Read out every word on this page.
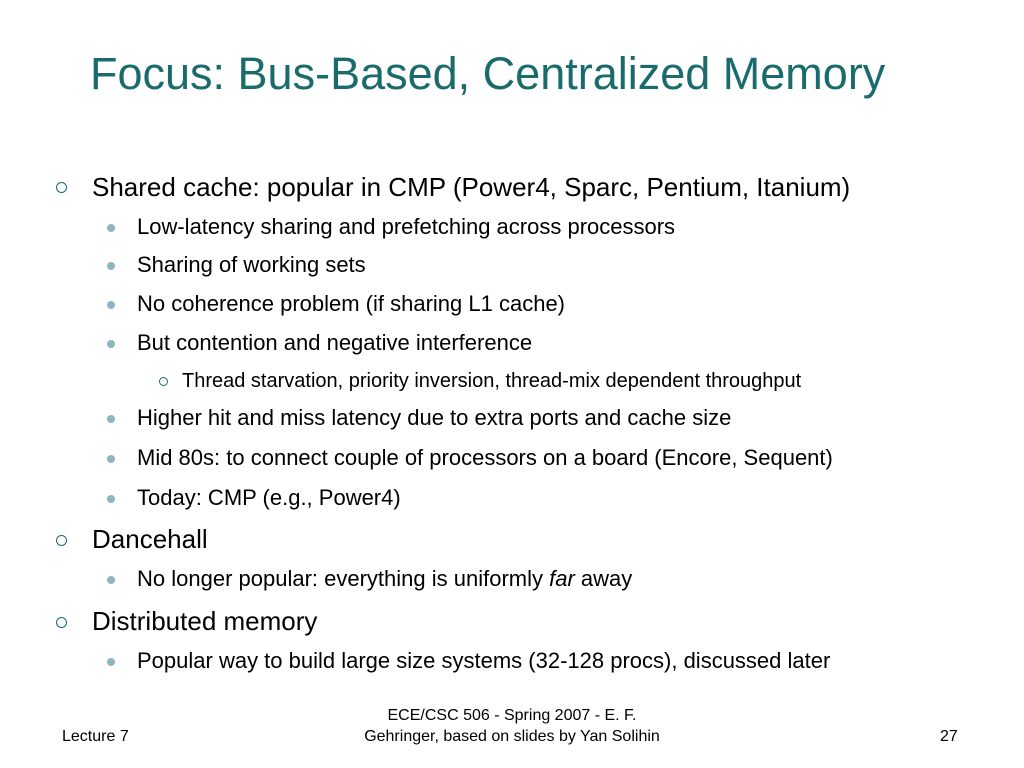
Focus: Bus-Based, Centralized Memory
Shared cache: popular in CMP (Power4, Sparc, Pentium, Itanium)
Low-latency sharing and prefetching across processors
Sharing of working sets
No coherence problem (if sharing L1 cache)
But contention and negative interference
Thread starvation, priority inversion, thread-mix dependent throughput
Higher hit and miss latency due to extra ports and cache size
Mid 80s: to connect couple of processors on a board (Encore, Sequent)
Today: CMP (e.g., Power4)
Dancehall
No longer popular: everything is uniformly far away
Distributed memory
Popular way to build large size systems (32-128 procs), discussed later
Lecture 7
ECE/CSC 506 - Spring 2007 - E. F.
Gehringer, based on slides by Yan Solihin	27
